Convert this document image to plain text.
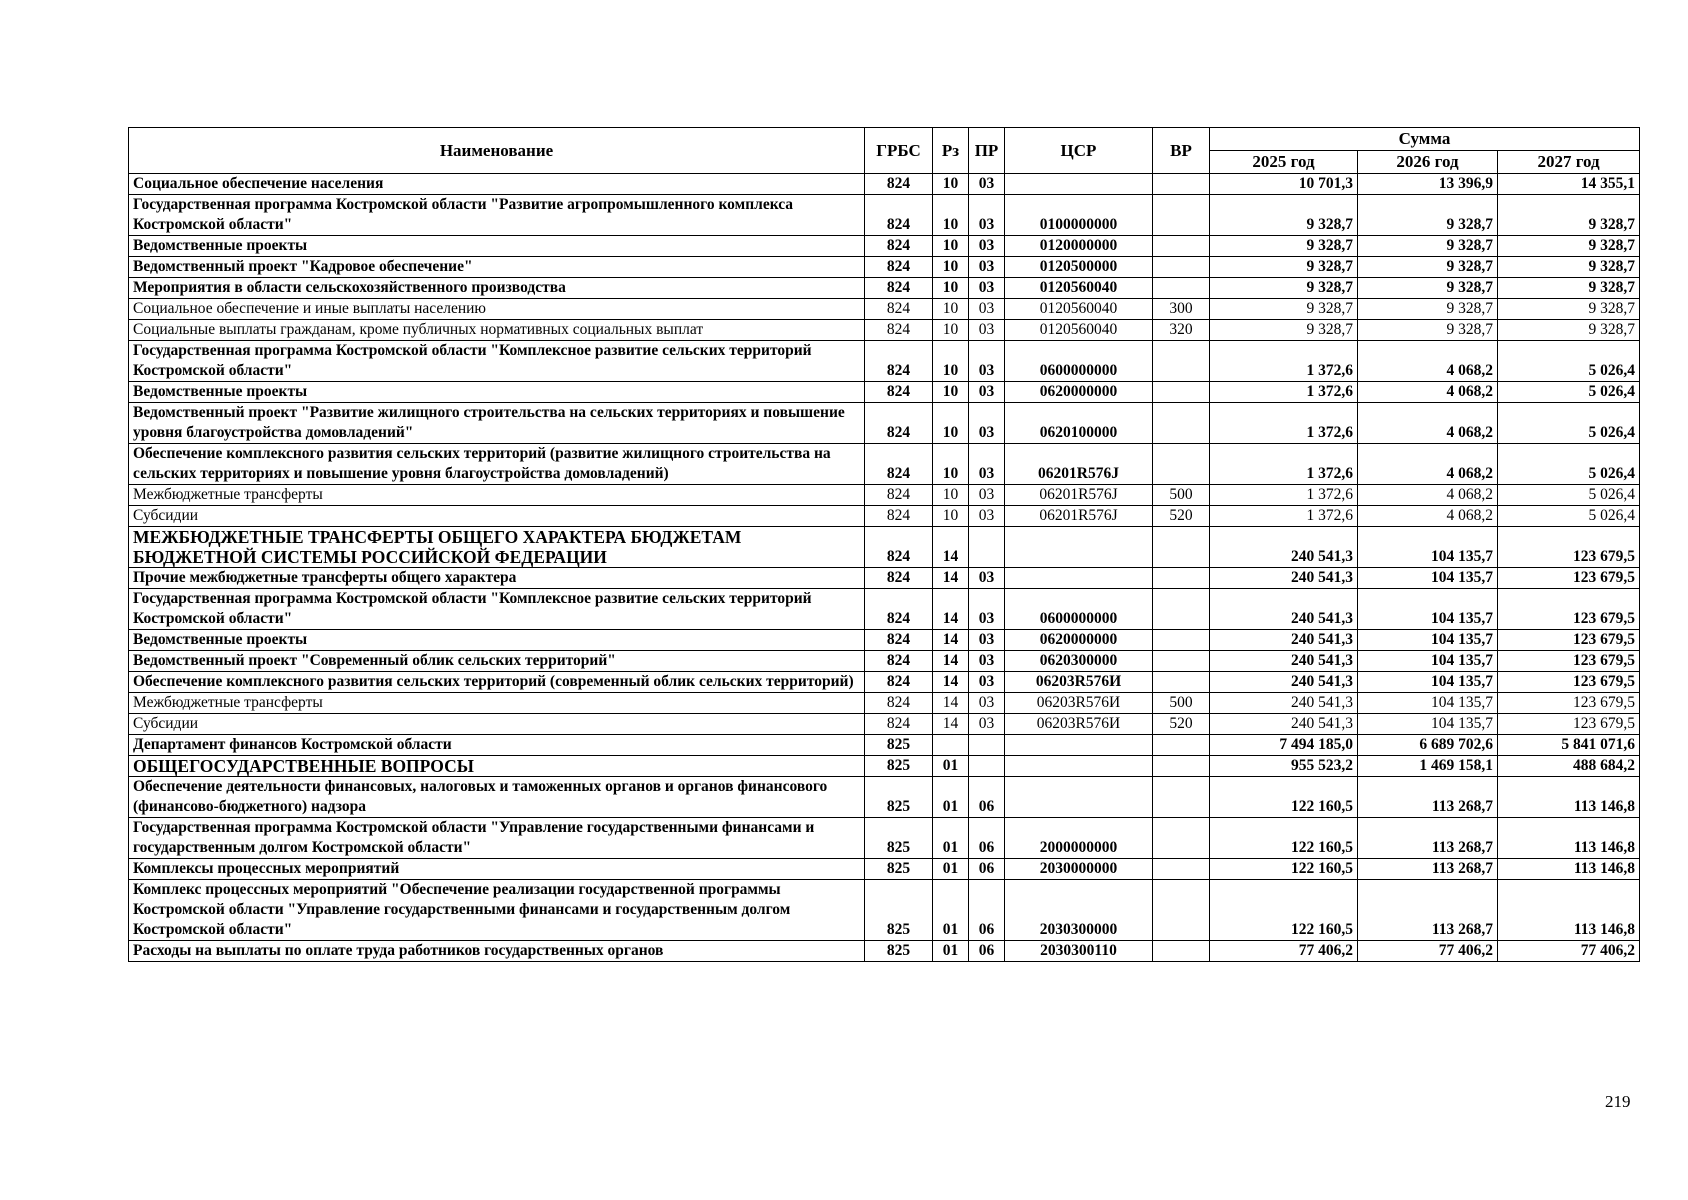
Наименование	ГРБС	Рз	ПР	ЦСР	ВР	Сумма		
						2025 год	2026 год	2027 год
Социальное обеспечение населения	824	10	03			10 701,3	13 396,9	14 355,1
Государственная программа Костромской области "Развитие агропромышленного комплекса Костромской области"	824	10	03	0100000000		9 328,7	9 328,7	9 328,7
Ведомственные проекты	824	10	03	0120000000		9 328,7	9 328,7	9 328,7
Ведомственный проект "Кадровое обеспечение"	824	10	03	0120500000		9 328,7	9 328,7	9 328,7
Мероприятия в области сельскохозяйственного производства	824	10	03	0120560040		9 328,7	9 328,7	9 328,7
Социальное обеспечение и иные выплаты населению	824	10	03	0120560040	300	9 328,7	9 328,7	9 328,7
Социальные выплаты гражданам, кроме публичных нормативных социальных выплат	824	10	03	0120560040	320	9 328,7	9 328,7	9 328,7
Государственная программа Костромской области "Комплексное развитие сельских территорий Костромской области"	824	10	03	0600000000		1 372,6	4 068,2	5 026,4
Ведомственные проекты	824	10	03	0620000000		1 372,6	4 068,2	5 026,4
Ведомственный проект "Развитие жилищного строительства на сельских территориях и повышение уровня благоустройства домовладений"	824	10	03	0620100000		1 372,6	4 068,2	5 026,4
Обеспечение комплексного развития сельских территорий (развитие жилищного строительства на сельских территориях и повышение уровня благоустройства домовладений)	824	10	03	06201R576J		1 372,6	4 068,2	5 026,4
Межбюджетные трансферты	824	10	03	06201R576J	500	1 372,6	4 068,2	5 026,4
Субсидии	824	10	03	06201R576J	520	1 372,6	4 068,2	5 026,4
МЕЖБЮДЖЕТНЫЕ ТРАНСФЕРТЫ ОБЩЕГО ХАРАКТЕРА БЮДЖЕТАМ БЮДЖЕТНОЙ СИСТЕМЫ РОССИЙСКОЙ ФЕДЕРАЦИИ	824	14				240 541,3	104 135,7	123 679,5
Прочие межбюджетные трансферты общего характера	824	14	03			240 541,3	104 135,7	123 679,5
Государственная программа Костромской области "Комплексное развитие сельских территорий Костромской области"	824	14	03	0600000000		240 541,3	104 135,7	123 679,5
Ведомственные проекты	824	14	03	0620000000		240 541,3	104 135,7	123 679,5
Ведомственный проект "Современный облик сельских территорий"	824	14	03	0620300000		240 541,3	104 135,7	123 679,5
Обеспечение комплексного развития сельских территорий (современный облик сельских территорий)	824	14	03	06203R576И		240 541,3	104 135,7	123 679,5
Межбюджетные трансферты	824	14	03	06203R576И	500	240 541,3	104 135,7	123 679,5
Субсидии	824	14	03	06203R576И	520	240 541,3	104 135,7	123 679,5
Департамент финансов Костромской области	825					7 494 185,0	6 689 702,6	5 841 071,6
ОБЩЕГОСУДАРСТВЕННЫЕ ВОПРОСЫ	825	01				955 523,2	1 469 158,1	488 684,2
Обеспечение деятельности финансовых, налоговых и таможенных органов и органов финансового (финансово-бюджетного) надзора	825	01	06			122 160,5	113 268,7	113 146,8
Государственная программа Костромской области "Управление государственными финансами и государственным долгом Костромской области"	825	01	06	2000000000		122 160,5	113 268,7	113 146,8
Комплексы процессных мероприятий	825	01	06	2030000000		122 160,5	113 268,7	113 146,8
Комплекс процессных мероприятий "Обеспечение реализации государственной программы Костромской области "Управление государственными финансами и государственным долгом Костромской области"	825	01	06	2030300000		122 160,5	113 268,7	113 146,8
Расходы на выплаты по оплате труда работников государственных органов	825	01	06	2030300110		77 406,2	77 406,2	77 406,2
219
